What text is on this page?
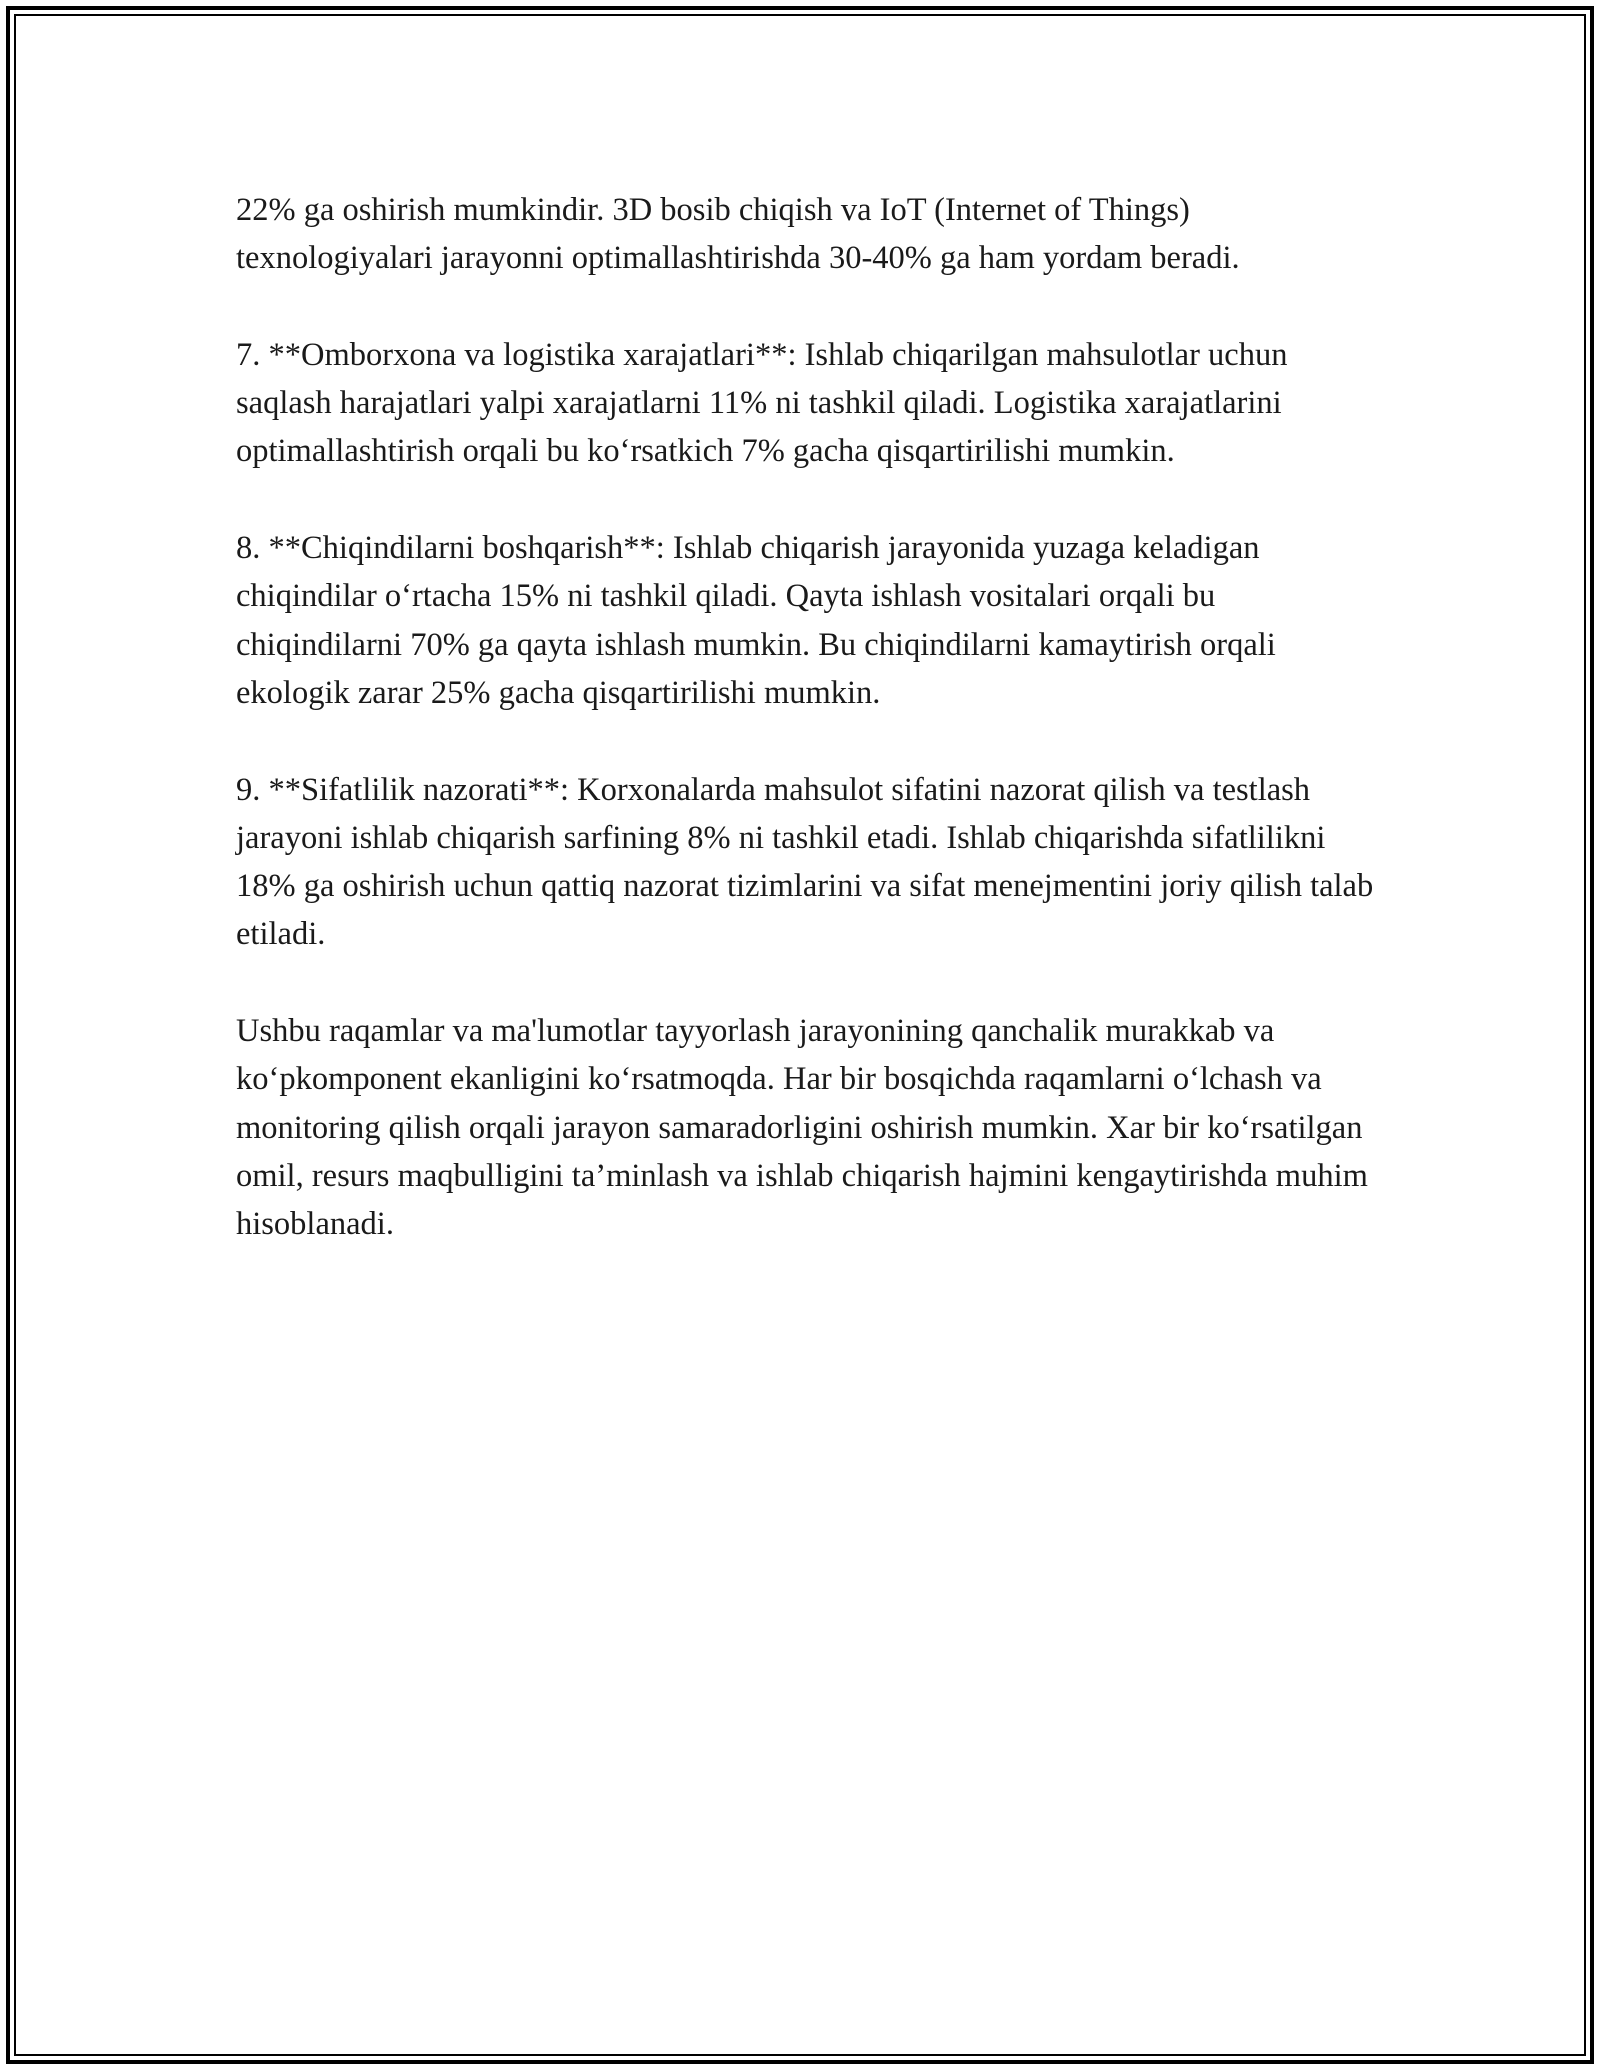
22% ga oshirish mumkindir. 3D bosib chiqish va IoT (Internet of Things) texnologiyalari jarayonni optimallashtirishda 30-40% ga ham yordam beradi.

7. **Omborxona va logistika xarajatlari**: Ishlab chiqarilgan mahsulotlar uchun saqlash harajatlari yalpi xarajatlarni 11% ni tashkil qiladi. Logistika xarajatlarini optimallashtirish orqali bu ko‘rsatkich 7% gacha qisqartirilishi mumkin.

8. **Chiqindilarni boshqarish**: Ishlab chiqarish jarayonida yuzaga keladigan chiqindilar o‘rtacha 15% ni tashkil qiladi. Qayta ishlash vositalari orqali bu chiqindilarni 70% ga qayta ishlash mumkin. Bu chiqindilarni kamaytirish orqali ekologik zarar 25% gacha qisqartirilishi mumkin.

9. **Sifatlilik nazorati**: Korxonalarda mahsulot sifatini nazorat qilish va testlash jarayoni ishlab chiqarish sarfining 8% ni tashkil etadi. Ishlab chiqarishda sifatlilikni 18% ga oshirish uchun qattiq nazorat tizimlarini va sifat menejmentini joriy qilish talab etiladi.

Ushbu raqamlar va ma'lumotlar tayyorlash jarayonining qanchalik murakkab va ko‘pkomponent ekanligini ko‘rsatmoqda. Har bir bosqichda raqamlarni o‘lchash va monitoring qilish orqali jarayon samaradorligini oshirish mumkin. Xar bir ko‘rsatilgan omil, resurs maqbulligini ta’minlash va ishlab chiqarish hajmini kengaytirishda muhim hisoblanadi.
